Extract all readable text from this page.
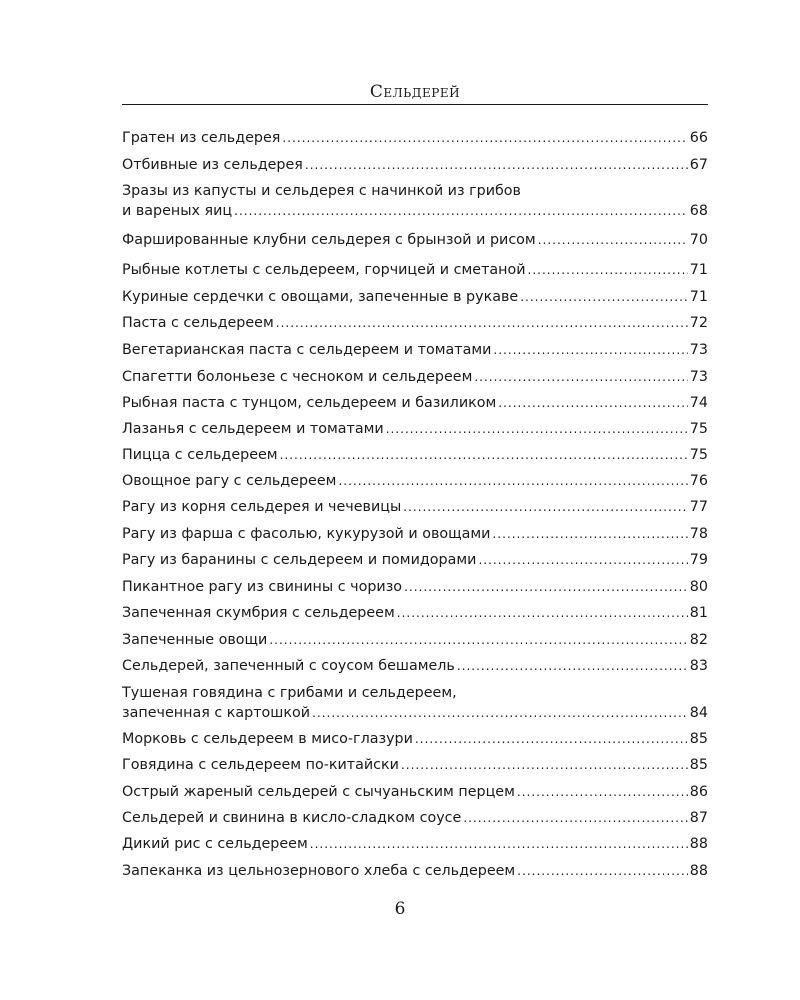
Сельдерей
Гратен из сельдерея .....	66
Отбивные из сельдерея .....	67
Зразы из капусты и сельдерея с начинкой из грибов
и вареных яиц .....	68
Фаршированные клубни сельдерея с брынзой и рисом .....	70
Рыбные котлеты с сельдереем, горчицей и сметаной .....	71
Куриные сердечки с овощами, запеченные в рукаве .....	71
Паста с сельдереем .....	72
Вегетарианская паста с сельдереем и томатами .....	73
Спагетти болоньезе с чесноком и сельдереем .....	73
Рыбная паста с тунцом, сельдереем и базиликом .....	74
Лазанья с сельдереем и томатами .....	75
Пицца с сельдереем .....	75
Овощное рагу с сельдереем .....	76
Рагу из корня сельдерея и чечевицы .....	77
Рагу из фарша с фасолью, кукурузой и овощами .....	78
Рагу из баранины с сельдереем и помидорами .....	79
Пикантное рагу из свинины с чоризо .....	80
Запеченная скумбрия с сельдереем .....	81
Запеченные овощи .....	82
Сельдерей, запеченный с соусом бешамель .....	83
Тушеная говядина с грибами и сельдереем,
запеченная с картошкой .....	84
Морковь с сельдереем в мисо-глазури .....	85
Говядина с сельдереем по-китайски .....	85
Острый жареный сельдерей с сычуаньским перцем .....	86
Сельдерей и свинина в кисло-сладком соусе .....	87
Дикий рис с сельдереем .....	88
Запеканка из цельнозернового хлеба с сельдереем .....	88
6
